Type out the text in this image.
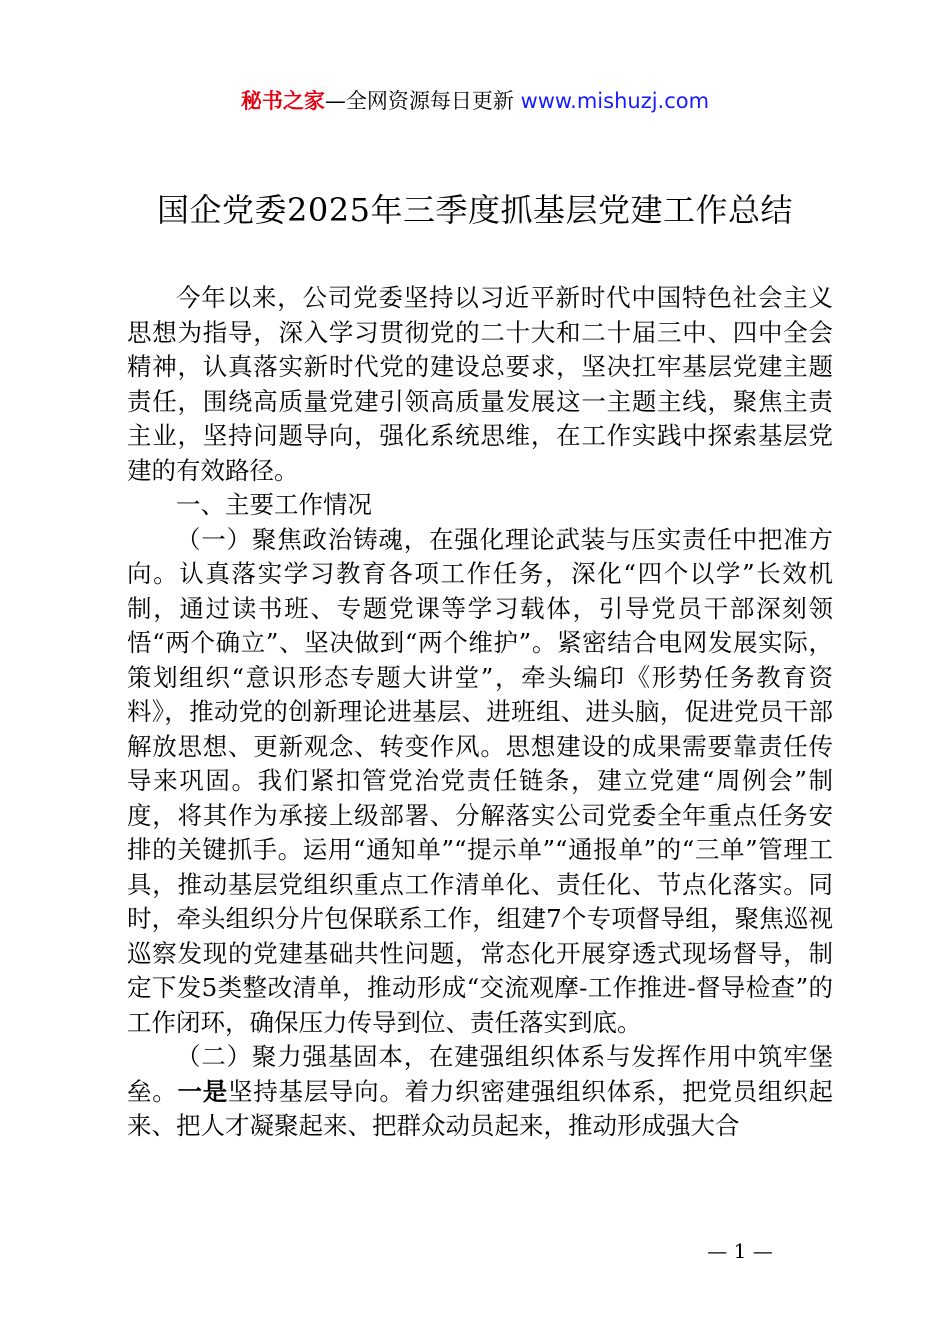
秘书之家—全网资源每日更新 www.mishuzj.com
国企党委2025年三季度抓基层党建工作总结

今年以来，公司党委坚持以习近平新时代中国特色社会主义思想为指导，深入学习贯彻党的二十大和二十届三中、四中全会精神，认真落实新时代党的建设总要求，坚决扛牢基层党建主题责任，围绕高质量党建引领高质量发展这一主题主线，聚焦主责主业，坚持问题导向，强化系统思维，在工作实践中探索基层党建的有效路径。

一、主要工作情况

（一）聚焦政治铸魂，在强化理论武装与压实责任中把准方向。认真落实学习教育各项工作任务，深化“四个以学”长效机制，通过读书班、专题党课等学习载体，引导党员干部深刻领悟“两个确立”、坚决做到“两个维护”。紧密结合电网发展实际，策划组织“意识形态专题大讲堂”，牵头编印《形势任务教育资料》，推动党的创新理论进基层、进班组、进头脑，促进党员干部解放思想、更新观念、转变作风。思想建设的成果需要靠责任传导来巩固。我们紧扣管党治党责任链条，建立党建“周例会”制度，将其作为承接上级部署、分解落实公司党委全年重点任务安排的关键抓手。运用“通知单”“提示单”“通报单”的“三单”管理工具，推动基层党组织重点工作清单化、责任化、节点化落实。同时，牵头组织分片包保联系工作，组建7个专项督导组，聚焦巡视巡察发现的党建基础共性问题，常态化开展穿透式现场督导，制定下发5类整改清单，推动形成“交流观摩-工作推进-督导检查”的工作闭环，确保压力传导到位、责任落实到底。

（二）聚力强基固本，在建强组织体系与发挥作用中筑牢堡垒。一是坚持基层导向。着力织密建强组织体系，把党员组织起来、把人才凝聚起来、把群众动员起来，推动形成强大合

— 1 —
